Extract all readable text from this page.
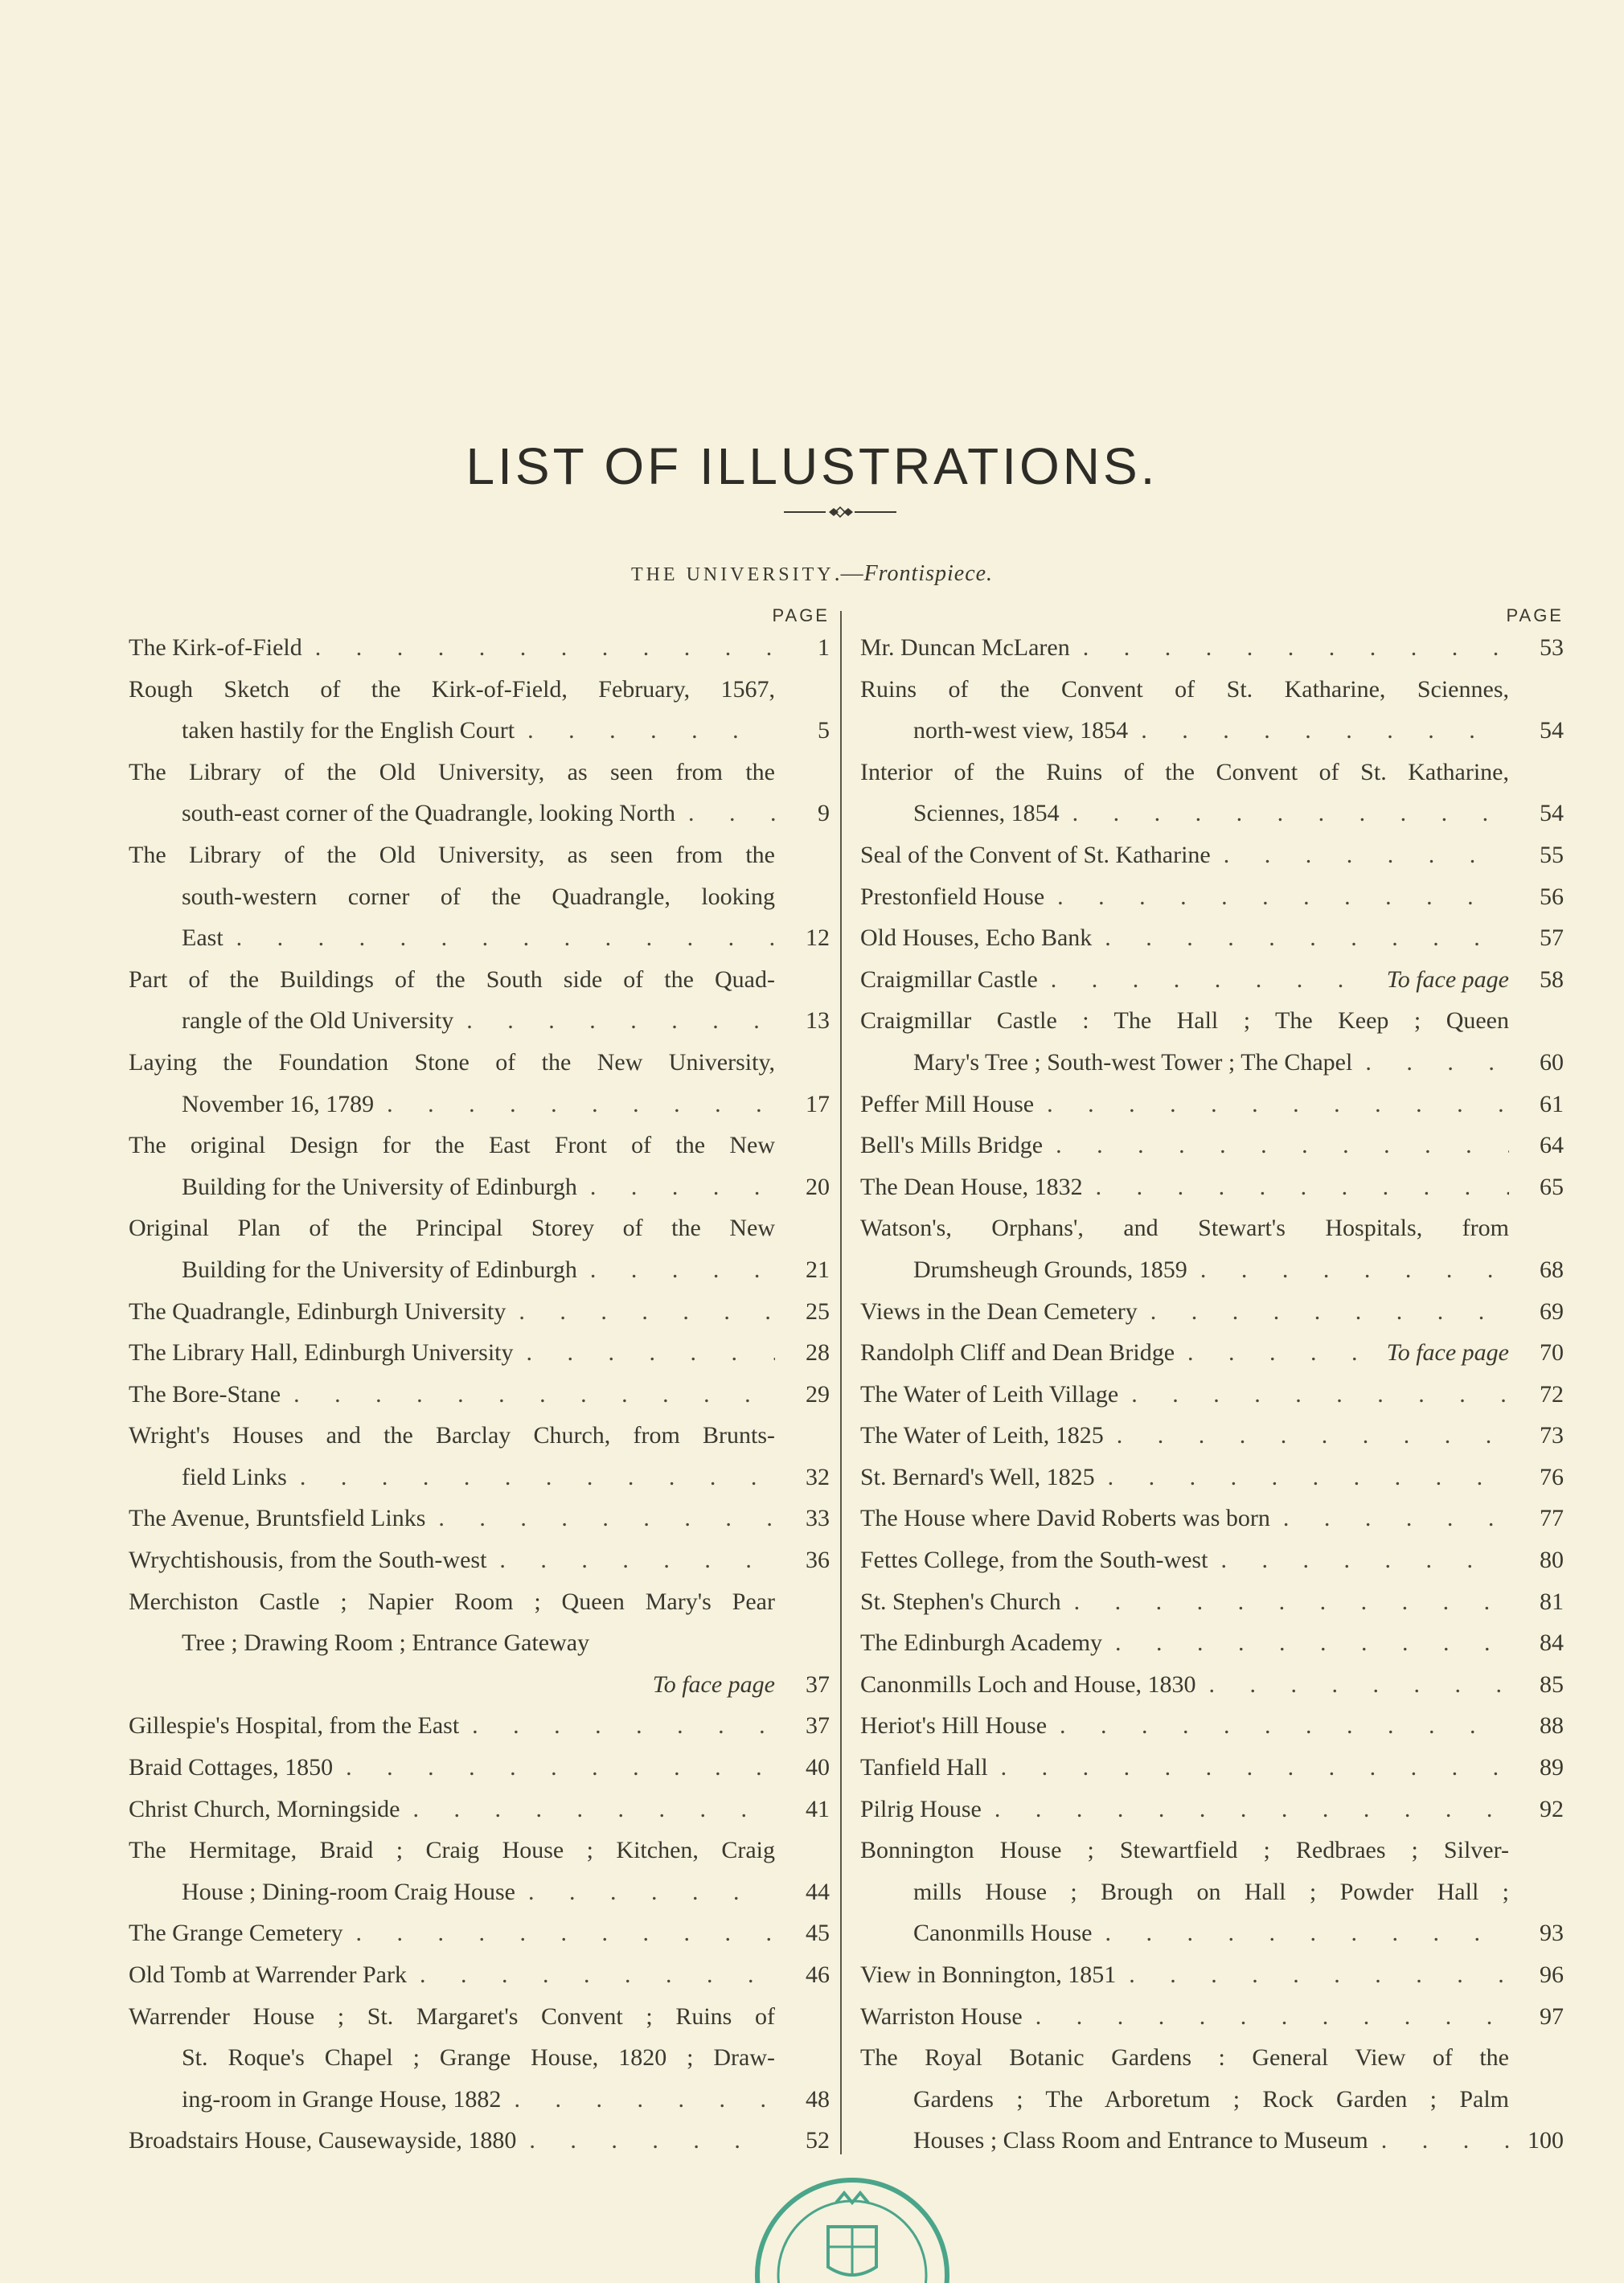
LIST OF ILLUSTRATIONS.
THE UNIVERSITY.—Frontispiece.
PAGE
The Kirk-of-Field . . .	1
Rough Sketch of the Kirk-of-Field, February, 1567,
taken hastily for the English Court . . .	5
The Library of the Old University, as seen from the
south-east corner of the Quadrangle, looking North . . .	9
The Library of the Old University, as seen from the
south-western corner of the Quadrangle, looking
East . . .	12
Part of the Buildings of the South side of the Quad-
rangle of the Old University . . .	13
Laying the Foundation Stone of the New University,
November 16, 1789 . . .	17
The original Design for the East Front of the New
Building for the University of Edinburgh . . .	20
Original Plan of the Principal Storey of the New
Building for the University of Edinburgh . . .	21
The Quadrangle, Edinburgh University . . .	25
The Library Hall, Edinburgh University . . .	28
The Bore-Stane . . .	29
Wright's Houses and the Barclay Church, from Brunts-
field Links . . .	32
The Avenue, Bruntsfield Links . . .	33
Wrychtishousis, from the South-west . . .	36
Merchiston Castle ; Napier Room ; Queen Mary's Pear
Tree ; Drawing Room ; Entrance Gateway
To face page	37
Gillespie's Hospital, from the East . . .	37
Braid Cottages, 1850 . . .	40
Christ Church, Morningside . . .	41
The Hermitage, Braid ; Craig House ; Kitchen, Craig
House ; Dining-room Craig House . . .	44
The Grange Cemetery . . .	45
Old Tomb at Warrender Park . . .	46
Warrender House ; St. Margaret's Convent ; Ruins of
St. Roque's Chapel ; Grange House, 1820 ; Draw-
ing-room in Grange House, 1882 . . .	48
Broadstairs House, Causewayside, 1880 . . .	52
PAGE
Mr. Duncan McLaren . . .	53
Ruins of the Convent of St. Katharine, Sciennes,
north-west view, 1854 . . .	54
Interior of the Ruins of the Convent of St. Katharine,
Sciennes, 1854 . . .	54
Seal of the Convent of St. Katharine . . .	55
Prestonfield House . . .	56
Old Houses, Echo Bank . . .	57
Craigmillar Castle . . .	To face page	58
Craigmillar Castle : The Hall ; The Keep ; Queen
Mary's Tree ; South-west Tower ; The Chapel . . .	60
Peffer Mill House . . .	61
Bell's Mills Bridge . . .	64
The Dean House, 1832 . . .	65
Watson's, Orphans', and Stewart's Hospitals, from
Drumsheugh Grounds, 1859 . . .	68
Views in the Dean Cemetery . . .	69
Randolph Cliff and Dean Bridge . . .	To face page	70
The Water of Leith Village . . .	72
The Water of Leith, 1825 . . .	73
St. Bernard's Well, 1825 . . .	76
The House where David Roberts was born . . .	77
Fettes College, from the South-west . . .	80
St. Stephen's Church . . .	81
The Edinburgh Academy . . .	84
Canonmills Loch and House, 1830 . . .	85
Heriot's Hill House . . .	88
Tanfield Hall . . .	89
Pilrig House . . .	92
Bonnington House ; Stewartfield ; Redbraes ; Silver-
mills House ; Brough on Hall ; Powder Hall ;
Canonmills House . . .	93
View in Bonnington, 1851 . . .	96
Warriston House . . .	97
The Royal Botanic Gardens : General View of the
Gardens ; The Arboretum ; Rock Garden ; Palm
Houses ; Class Room and Entrance to Museum . . .	100
